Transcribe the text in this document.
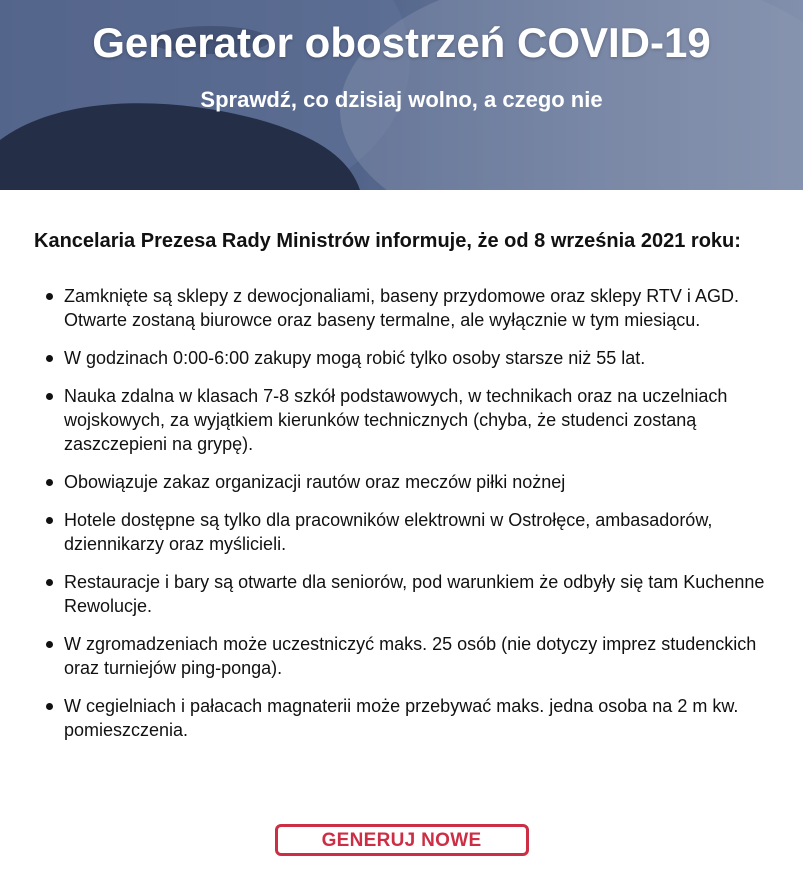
Generator obostrzeń COVID-19
Sprawdź, co dzisiaj wolno, a czego nie
Kancelaria Prezesa Rady Ministrów informuje, że od 8 września 2021 roku:
Zamknięte są sklepy z dewocjonaliami, baseny przydomowe oraz sklepy RTV i AGD. Otwarte zostaną biurowce oraz baseny termalne, ale wyłącznie w tym miesiącu.
W godzinach 0:00-6:00 zakupy mogą robić tylko osoby starsze niż 55 lat.
Nauka zdalna w klasach 7-8 szkół podstawowych, w technikach oraz na uczelniach wojskowych, za wyjątkiem kierunków technicznych (chyba, że studenci zostaną zaszczepieni na grypę).
Obowiązuje zakaz organizacji rautów oraz meczów piłki nożnej
Hotele dostępne są tylko dla pracowników elektrowni w Ostrołęce, ambasadorów, dziennikarzy oraz myślicieli.
Restauracje i bary są otwarte dla seniorów, pod warunkiem że odbyły się tam Kuchenne Rewolucje.
W zgromadzeniach może uczestniczyć maks. 25 osób (nie dotyczy imprez studenckich oraz turniejów ping-ponga).
W cegielniach i pałacach magnaterii może przebywać maks. jedna osoba na 2 m kw. pomieszczenia.
GENERUJ NOWE
